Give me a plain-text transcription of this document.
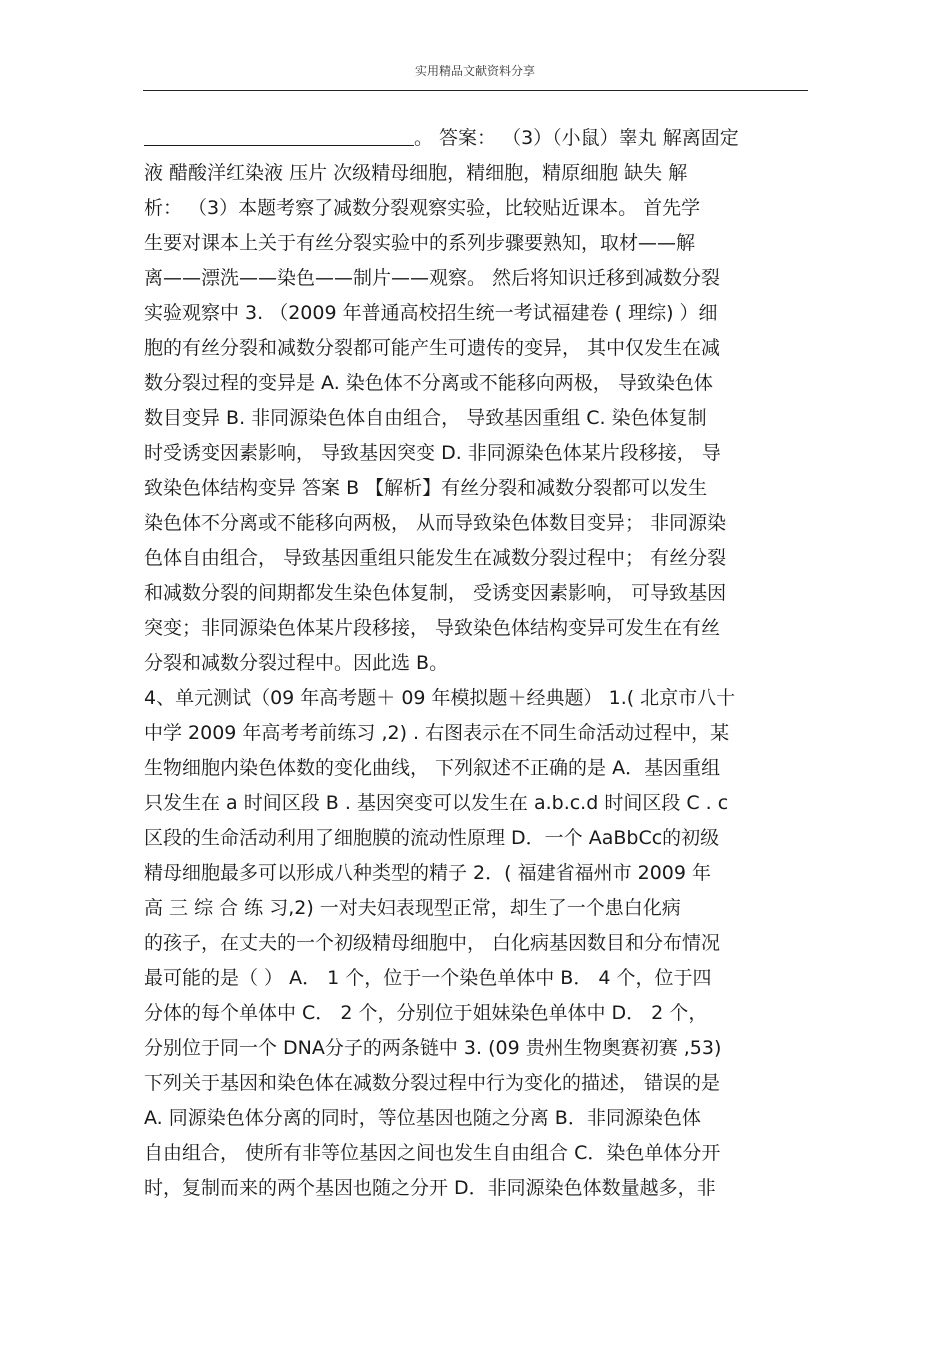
实用精品文献资料分享
。 答案： （3）（小鼠）睾丸 解离固定
液 醋酸洋红染液 压片 次级精母细胞，精细胞，精原细胞 缺失 解
析： （3）本题考察了减数分裂观察实验，比较贴近课本。 首先学
生要对课本上关于有丝分裂实验中的系列步骤要熟知，取材——解
离——漂洗——染色——制片——观察。 然后将知识迁移到减数分裂
实验观察中 3. （2009 年普通高校招生统一考试福建卷 ( 理综) ）细
胞的有丝分裂和减数分裂都可能产生可遗传的变异， 其中仅发生在减
数分裂过程的变异是 A. 染色体不分离或不能移向两极， 导致染色体
数目变异 B. 非同源染色体自由组合， 导致基因重组 C. 染色体复制
时受诱变因素影响， 导致基因突变 D. 非同源染色体某片段移接， 导
致染色体结构变异 答案 B 【解析】有丝分裂和减数分裂都可以发生
染色体不分离或不能移向两极， 从而导致染色体数目变异； 非同源染
色体自由组合， 导致基因重组只能发生在减数分裂过程中； 有丝分裂
和减数分裂的间期都发生染色体复制， 受诱变因素影响， 可导致基因
突变；非同源染色体某片段移接， 导致染色体结构变异可发生在有丝
分裂和减数分裂过程中。因此选 B。
4、单元测试（09 年高考题＋ 09 年模拟题＋经典题） 1.( 北京市八十
中学 2009 年高考考前练习 ,2) . 右图表示在不同生命活动过程中，某
生物细胞内染色体数的变化曲线， 下列叙述不正确的是 A．基因重组
只发生在 a 时间区段 B . 基因突变可以发生在 a.b.c.d 时间区段 C . c
区段的生命活动利用了细胞膜的流动性原理 D．一个 AaBbCc的初级
精母细胞最多可以形成八种类型的精子 2．( 福建省福州市 2009 年
高 三 综 合 练 习,2) 一对夫妇表现型正常，却生了一个患白化病
的孩子，在丈夫的一个初级精母细胞中， 白化病基因数目和分布情况
最可能的是（ ） A． 1 个，位于一个染色单体中 B． 4 个，位于四
分体的每个单体中 C． 2 个，分别位于姐妹染色单体中 D． 2 个，
分别位于同一个 DNA分子的两条链中 3. (09 贵州生物奥赛初赛 ,53)
下列关于基因和染色体在减数分裂过程中行为变化的描述， 错误的是
A. 同源染色体分离的同时，等位基因也随之分离 B．非同源染色体
自由组合， 使所有非等位基因之间也发生自由组合 C．染色单体分开
时，复制而来的两个基因也随之分开 D．非同源染色体数量越多，非
